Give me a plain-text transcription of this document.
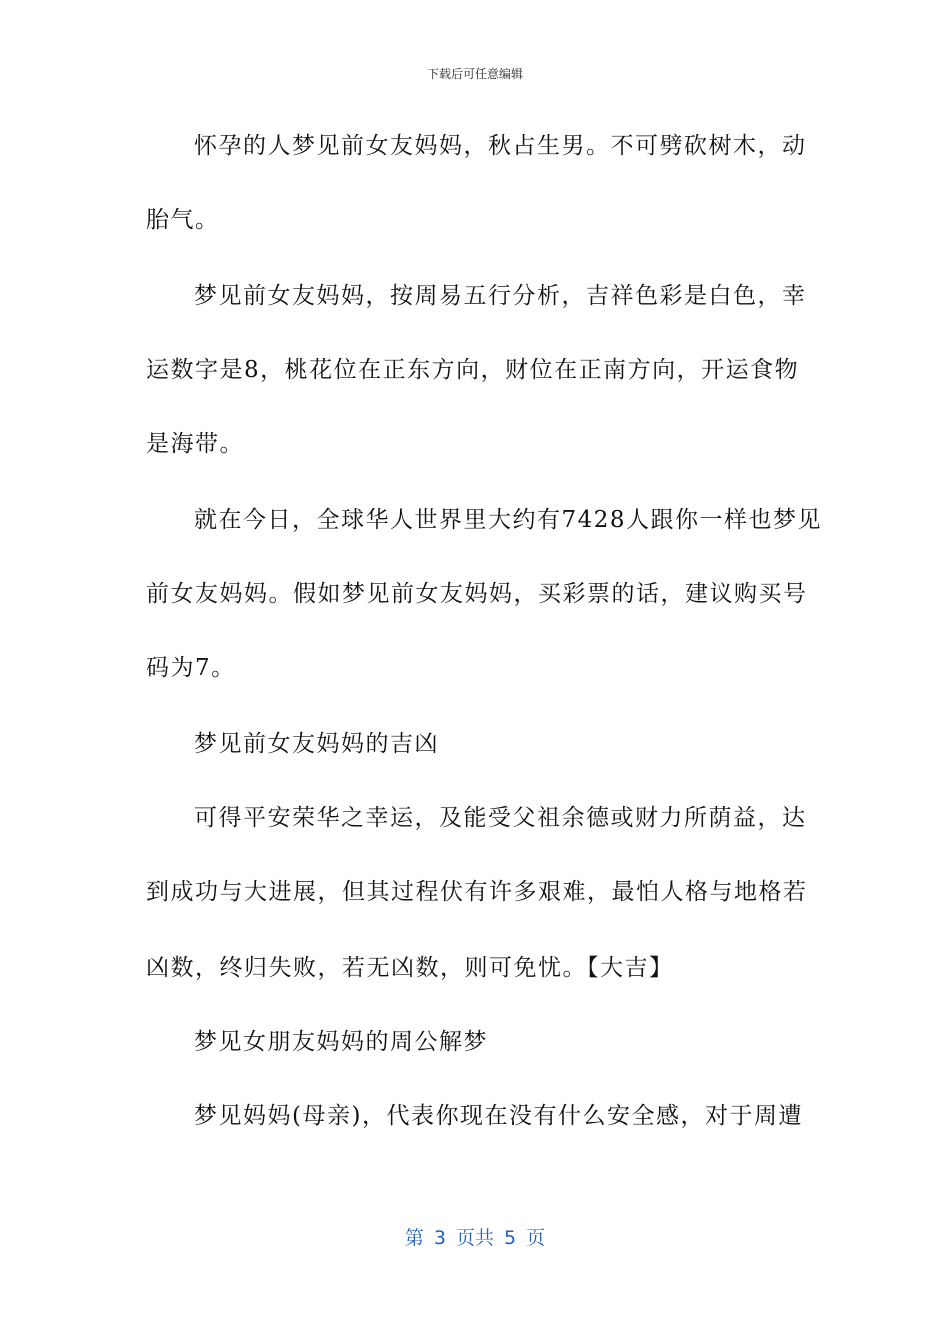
下载后可任意编辑
怀孕的人梦见前女友妈妈，秋占生男。不可劈砍树木，动
胎气。
梦见前女友妈妈，按周易五行分析，吉祥色彩是白色，幸
运数字是8，桃花位在正东方向，财位在正南方向，开运食物
是海带。
就在今日，全球华人世界里大约有7428人跟你一样也梦见
前女友妈妈。假如梦见前女友妈妈，买彩票的话，建议购买号
码为7。
梦见前女友妈妈的吉凶
可得平安荣华之幸运，及能受父祖余德或财力所荫益，达
到成功与大进展，但其过程伏有许多艰难，最怕人格与地格若
凶数，终归失败，若无凶数，则可免忧。【大吉】
梦见女朋友妈妈的周公解梦
梦见妈妈(母亲)，代表你现在没有什么安全感，对于周遭
第 3 页共 5 页
